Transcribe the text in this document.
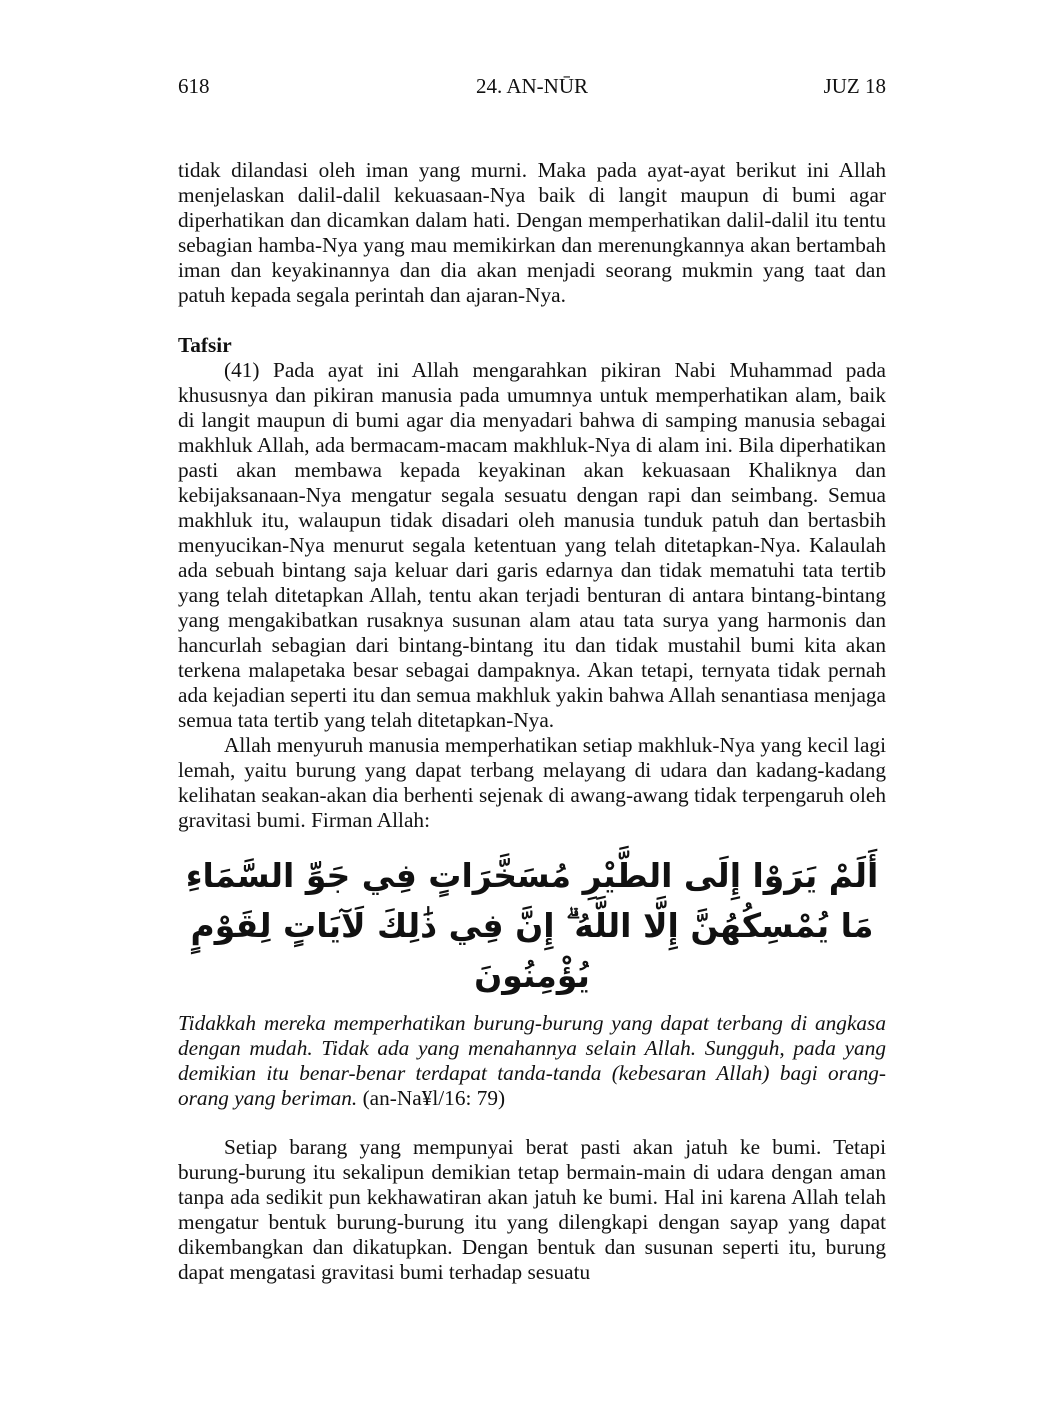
24. AN-NŪR
618	JUZ 18

tidak dilandasi oleh iman yang murni. Maka pada ayat-ayat berikut ini Allah menjelaskan dalil-dalil kekuasaan-Nya baik di langit maupun di bumi agar diperhatikan dan dicamkan dalam hati. Dengan memperhatikan dalil-dalil itu tentu sebagian hamba-Nya yang mau memikirkan dan merenungkannya akan bertambah iman dan keyakinannya dan dia akan menjadi seorang mukmin yang taat dan patuh kepada segala perintah dan ajaran-Nya.

Tafsir

(41) Pada ayat ini Allah mengarahkan pikiran Nabi Muhammad pada khususnya dan pikiran manusia pada umumnya untuk memperhatikan alam, baik di langit maupun di bumi agar dia menyadari bahwa di samping manusia sebagai makhluk Allah, ada bermacam-macam makhluk-Nya di alam ini. Bila diperhatikan pasti akan membawa kepada keyakinan akan kekuasaan Khaliknya dan kebijaksanaan-Nya mengatur segala sesuatu dengan rapi dan seimbang. Semua makhluk itu, walaupun tidak disadari oleh manusia tunduk patuh dan bertasbih menyucikan-Nya menurut segala ketentuan yang telah ditetapkan-Nya. Kalaulah ada sebuah bintang saja keluar dari garis edarnya dan tidak mematuhi tata tertib yang telah ditetapkan Allah, tentu akan terjadi benturan di antara bintang-bintang yang mengakibatkan rusaknya susunan alam atau tata surya yang harmonis dan hancurlah sebagian dari bintang-bintang itu dan tidak mustahil bumi kita akan terkena malapetaka besar sebagai dampaknya. Akan tetapi, ternyata tidak pernah ada kejadian seperti itu dan semua makhluk yakin bahwa Allah senantiasa menjaga semua tata tertib yang telah ditetapkan-Nya.

Allah menyuruh manusia memperhatikan setiap makhluk-Nya yang kecil lagi lemah, yaitu burung yang dapat terbang melayang di udara dan kadang-kadang kelihatan seakan-akan dia berhenti sejenak di awang-awang tidak terpengaruh oleh gravitasi bumi. Firman Allah:

أَلَمْ يَرَوْا إِلَى الطَّيْرِ مُسَخَّرَاتٍ فِي جَوِّ السَّمَاءِ مَا يُمْسِكُهُنَّ إِلَّا اللَّهُ ۗ إِنَّ فِي ذَٰلِكَ لَآيَاتٍ لِقَوْمٍ يُؤْمِنُونَ

Tidakkah mereka memperhatikan burung-burung yang dapat terbang di angkasa dengan mudah. Tidak ada yang menahannya selain Allah. Sungguh, pada yang demikian itu benar-benar terdapat tanda-tanda (kebesaran Allah) bagi orang-orang yang beriman. (an-Na¥l/16: 79)

Setiap barang yang mempunyai berat pasti akan jatuh ke bumi. Tetapi burung-burung itu sekalipun demikian tetap bermain-main di udara dengan aman tanpa ada sedikit pun kekhawatiran akan jatuh ke bumi. Hal ini karena Allah telah mengatur bentuk burung-burung itu yang dilengkapi dengan sayap yang dapat dikembangkan dan dikatupkan. Dengan bentuk dan susunan seperti itu, burung dapat mengatasi gravitasi bumi terhadap sesuatu
